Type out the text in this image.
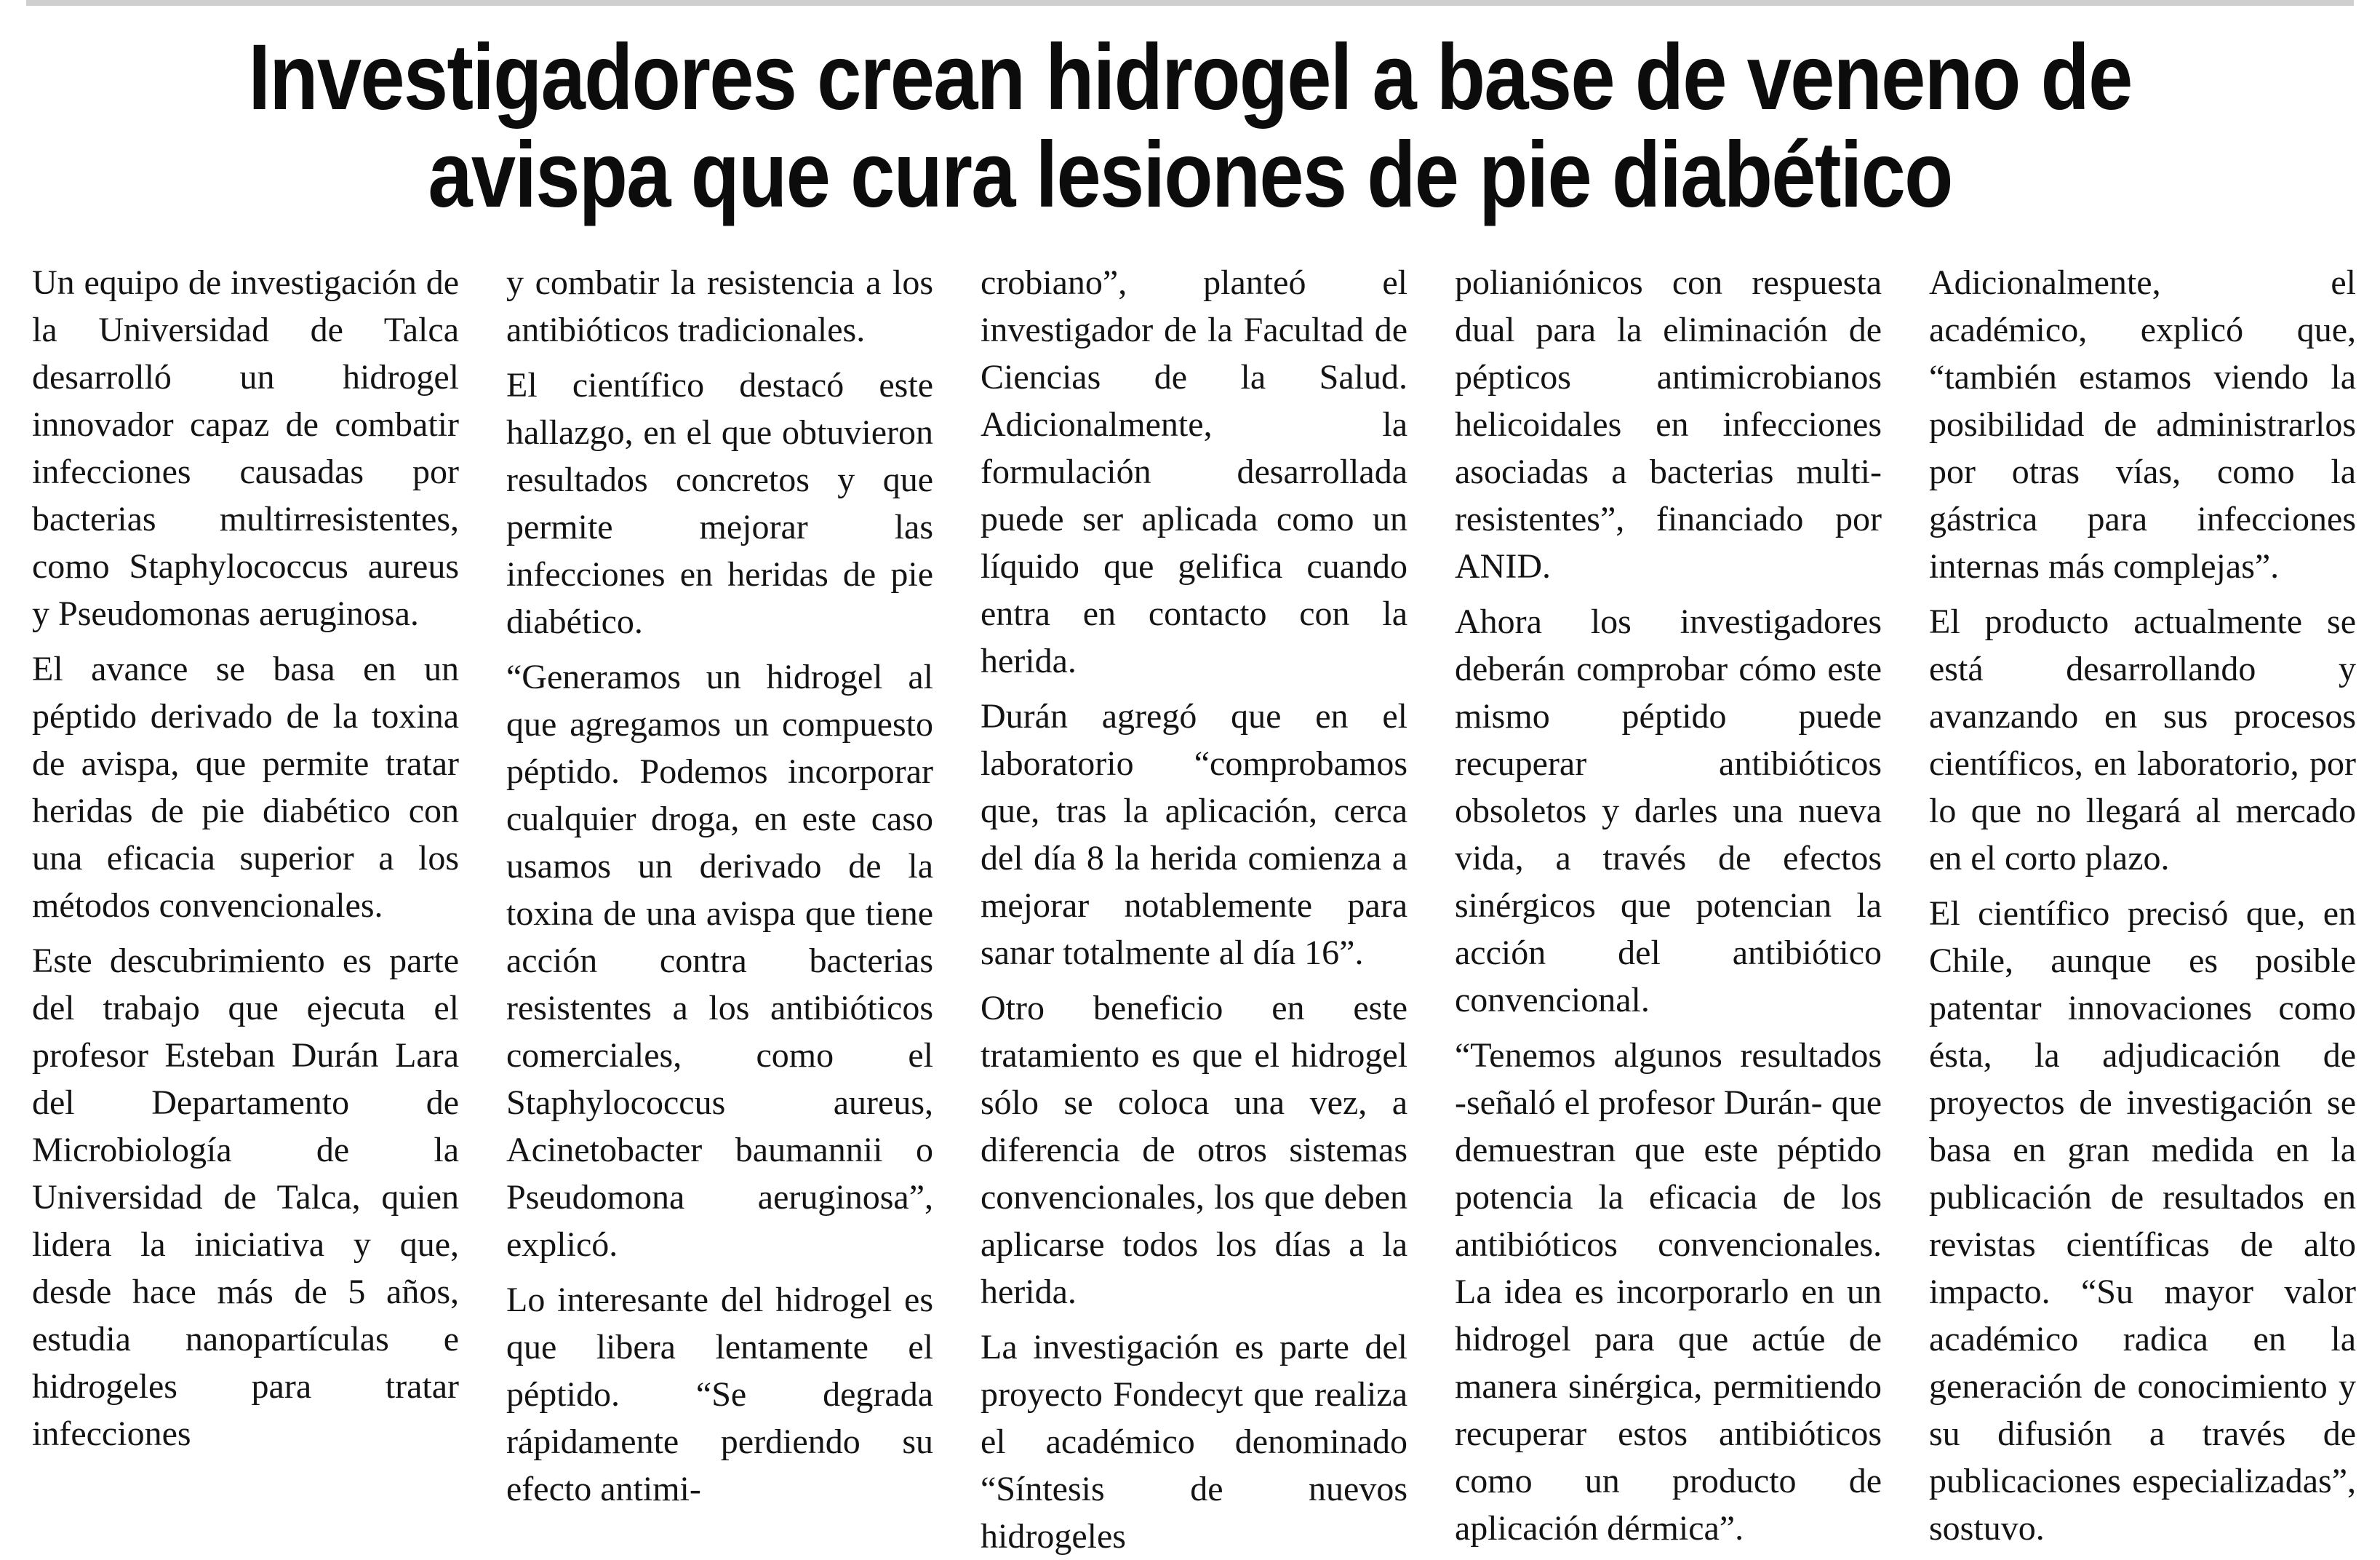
Investigadores crean hidrogel a base de veneno de
avispa que cura lesiones de pie diabético

Un equipo de investigación de la Universidad de Talca desarrolló un hidrogel innovador capaz de combatir infecciones causadas por bacterias multirresistentes, como Staphylococcus aureus y Pseudomonas aeruginosa.

El avance se basa en un péptido derivado de la toxina de avispa, que permite tratar heridas de pie diabético con una eficacia superior a los métodos convencionales.

Este descubrimiento es parte del trabajo que ejecuta el profesor Esteban Durán Lara del Departamento de Microbiología de la Universidad de Talca, quien lidera la iniciativa y que, desde hace más de 5 años, estudia nanopartículas e hidrogeles para tratar infecciones

y combatir la resistencia a los antibióticos tradicionales.

El científico destacó este hallazgo, en el que obtuvieron resultados concretos y que permite mejorar las infecciones en heridas de pie diabético.

“Generamos un hidrogel al que agregamos un compuesto péptido. Podemos incorporar cualquier droga, en este caso usamos un derivado de la toxina de una avispa que tiene acción contra bacterias resistentes a los antibióticos comerciales, como el Staphylococcus aureus, Acinetobacter baumannii o Pseudomona aeruginosa”, explicó.

Lo interesante del hidrogel es que libera lentamente el péptido. “Se degrada rápidamente perdiendo su efecto antimi-

crobiano”, planteó el investigador de la Facultad de Ciencias de la Salud. Adicionalmente, la formulación desarrollada puede ser aplicada como un líquido que gelifica cuando entra en contacto con la herida.

Durán agregó que en el laboratorio “comprobamos que, tras la aplicación, cerca del día 8 la herida comienza a mejorar notablemente para sanar totalmente al día 16”.

Otro beneficio en este tratamiento es que el hidrogel sólo se coloca una vez, a diferencia de otros sistemas convencionales, los que deben aplicarse todos los días a la herida.

La investigación es parte del proyecto Fondecyt que realiza el académico denominado “Síntesis de nuevos hidrogeles

polianiónicos con respuesta dual para la eliminación de pépticos antimicrobianos helicoidales en infecciones asociadas a bacterias multi-resistentes”, financiado por ANID.

Ahora los investigadores deberán comprobar cómo este mismo péptido puede recuperar antibióticos obsoletos y darles una nueva vida, a través de efectos sinérgicos que potencian la acción del antibiótico convencional.

“Tenemos algunos resultados -señaló el profesor Durán- que demuestran que este péptido potencia la eficacia de los antibióticos convencionales. La idea es incorporarlo en un hidrogel para que actúe de manera sinérgica, permitiendo recuperar estos antibióticos como un producto de aplicación dérmica”.

Adicionalmente, el académico, explicó que, “también estamos viendo la posibilidad de administrarlos por otras vías, como la gástrica para infecciones internas más complejas”.

El producto actualmente se está desarrollando y avanzando en sus procesos científicos, en laboratorio, por lo que no llegará al mercado en el corto plazo.

El científico precisó que, en Chile, aunque es posible patentar innovaciones como ésta, la adjudicación de proyectos de investigación se basa en gran medida en la publicación de resultados en revistas científicas de alto impacto. “Su mayor valor académico radica en la generación de conocimiento y su difusión a través de publicaciones especializadas”, sostuvo.
